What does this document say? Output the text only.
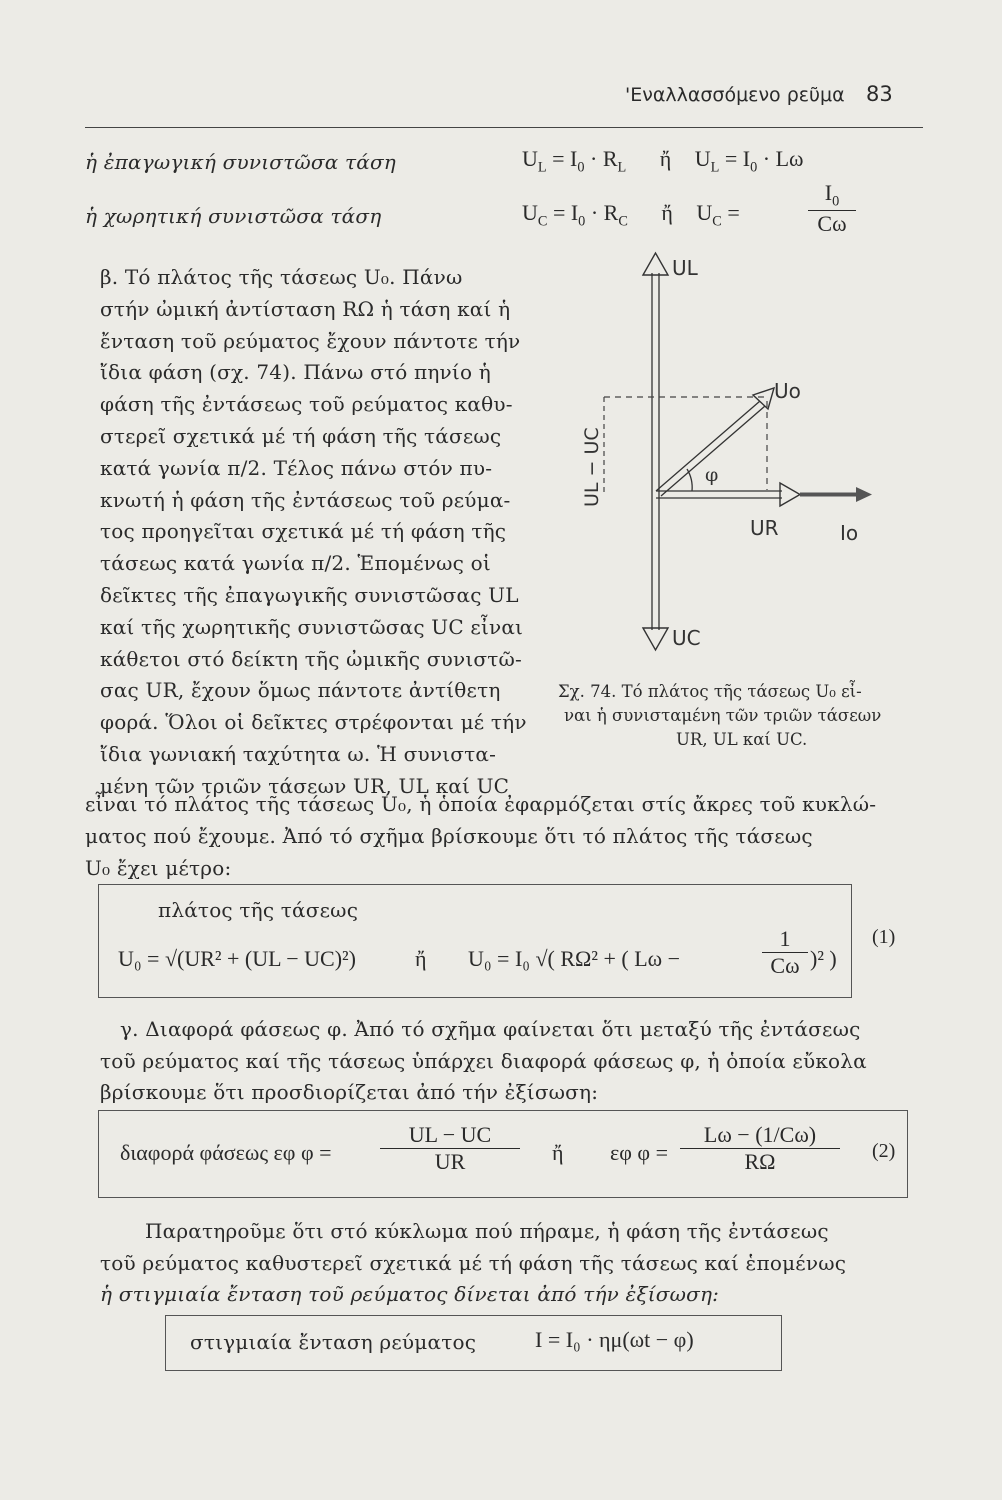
'Εναλλασσόμενο ρεῦμα 83
ἡ ἐπαγωγική συνιστῶσα τάση	$U_L = I_0 \cdot R_L$ ἤ $U_L = I_0 \cdot L\omega$
ἡ χωρητική συνιστῶσα τάση	$U_C = I_0 \cdot R_C$ ἤ $U_C$ =	$\frac{I_0}{C\omega}$
β. Τό πλάτος τῆς τάσεως U₀. Πάνω
στήν ὠμική ἀντίσταση RΩ ἡ τάση καί ἡ
ἔνταση τοῦ ρεύματος ἔχουν πάντοτε τήν
ἴδια φάση (σχ. 74). Πάνω στό πηνίο ἡ
φάση τῆς ἐντάσεως τοῦ ρεύματος καθυ-
στερεῖ σχετικά μέ τή φάση τῆς τάσεως
κατά γωνία π/2. Τέλος πάνω στόν πυ-
κνωτή ἡ φάση τῆς ἐντάσεως τοῦ ρεύμα-
τος προηγεῖται σχετικά μέ τή φάση τῆς
τάσεως κατά γωνία π/2. Ἑπομένως οἱ
δεῖκτες τῆς ἐπαγωγικῆς συνιστῶσας UL
καί τῆς χωρητικῆς συνιστῶσας UC εἶναι
κάθετοι στό δείκτη τῆς ὠμικῆς συνιστῶ-
σας UR, ἔχουν ὅμως πάντοτε ἀντίθετη
φορά. Ὅλοι οἱ δεῖκτες στρέφονται μέ τήν
ἴδια γωνιακή ταχύτητα ω. Ἡ συνιστα-
μένη τῶν τριῶν τάσεων UR, UL καί UC
UL
Uo
UR	Io
UC
φ
UL − UC
Σχ. 74. Τό πλάτος τῆς τάσεως U₀ εἶ-
ναι ἡ συνισταμένη τῶν τριῶν τάσεων
UR, UL καί UC.
εἶναι τό πλάτος τῆς τάσεως U₀, ἡ ὁποία ἐφαρμόζεται στίς ἄκρες τοῦ κυκλώ-
ματος πού ἔχουμε. Ἀπό τό σχῆμα βρίσκουμε ὅτι τό πλάτος τῆς τάσεως
U₀ ἔχει μέτρο:
πλάτος τῆς τάσεως
U₀ = √(UR² + (UL − UC)²)	ἤ U₀ = I₀ √( RΩ² + ( Lω −	$\frac{1}{C\omega} )^2$ )
(1)
γ. Διαφορά φάσεως φ. Ἀπό τό σχῆμα φαίνεται ὅτι μεταξύ τῆς ἐντάσεως
τοῦ ρεύματος καί τῆς τάσεως ὑπάρχει διαφορά φάσεως φ, ἡ ὁποία εὔκολα
βρίσκουμε ὅτι προσδιορίζεται ἀπό τήν ἐξίσωση:
διαφορά φάσεως εφ $\varphi = \frac{UL - UC}{UR}$ ἤ εφ $\varphi = \frac{L\omega - (1/C\omega)}{R\Omega} (2)$
Παρατηροῦμε ὅτι στό κύκλωμα πού πήραμε, ἡ φάση τῆς ἐντάσεως
τοῦ ρεύματος καθυστερεῖ σχετικά μέ τή φάση τῆς τάσεως καί ἑπομένως
ἡ στιγμιαία ἔνταση τοῦ ρεύματος δίνεται ἀπό τήν ἐξίσωση:
στιγμιαία ἔνταση ρεύματος	I = I₀ · ημ(ωt − φ)
